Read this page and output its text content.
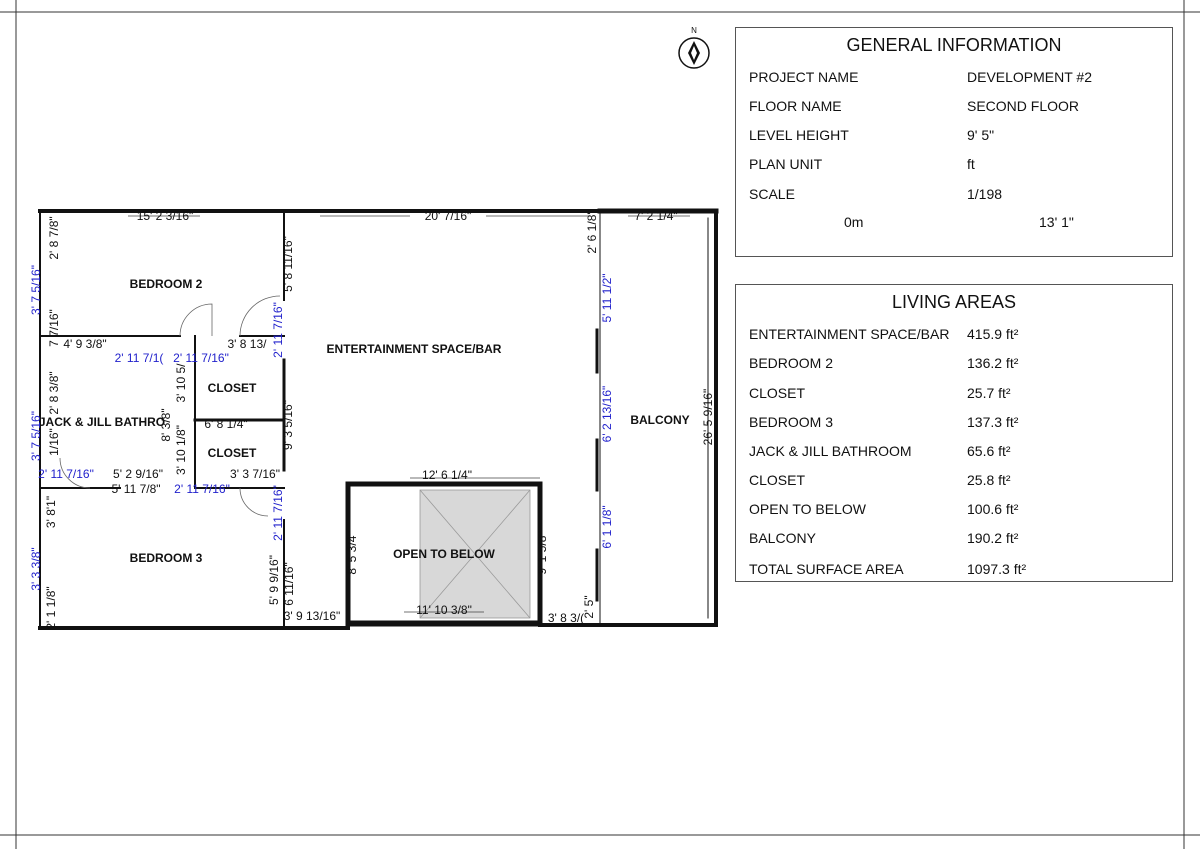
N
BEDROOM 2
ENTERTAINMENT SPACE/BAR
CLOSET
JACK & JILL BATHRO
CLOSET
BEDROOM 3	OPEN TO BELOW
BALCONY
15' 2 3/16"	20' 7/16"	7' 2 1/4"
2' 8 7/8"
3' 7 5/16"
2' 8 3/8"
7 7/16" 4' 9 3/8"
2' 11 7/1( 2' 11 7/16"
3' 8 13/
5' 8 11/16"
2' 11 7/16"
3' 10 5/
3' 7 5/16" 1/16"
8' 3/8"
3' 10 1/8"
6' 8 1/4"	9' 3 5/16"
2' 11 7/16" 5' 2 9/16"	3' 3 7/16"
5' 11 7/8" 2' 11 7/16"
3' 8'1"	2' 11 7/16"
3' 3 3/8"
2' 1 1/8"
5' 9 9/16" 6 11/16"
3' 9 13/16"
12' 6 1/4"
8' 5 3/4"	9' 1 5/8"
11' 10 3/8"
3' 8 3/(
2' 5"
2' 6 1/8"
5' 11 1/2"
6' 2 13/16"
6' 1 1/8"
26' 5 9/16"
GENERAL INFORMATION
PROJECT NAME	DEVELOPMENT #2
FLOOR NAME	SECOND FLOOR
LEVEL HEIGHT	9' 5"
PLAN UNIT	ft
SCALE	1/198
0m	13' 1"
LIVING AREAS
ENTERTAINMENT SPACE/BAR 415.9 ft²
BEDROOM 2	136.2 ft²
CLOSET	25.7 ft²
BEDROOM 3	137.3 ft²
JACK & JILL BATHROOM	65.6 ft²
CLOSET	25.8 ft²
OPEN TO BELOW	100.6 ft²
BALCONY	190.2 ft²
TOTAL SURFACE AREA	1097.3 ft²
